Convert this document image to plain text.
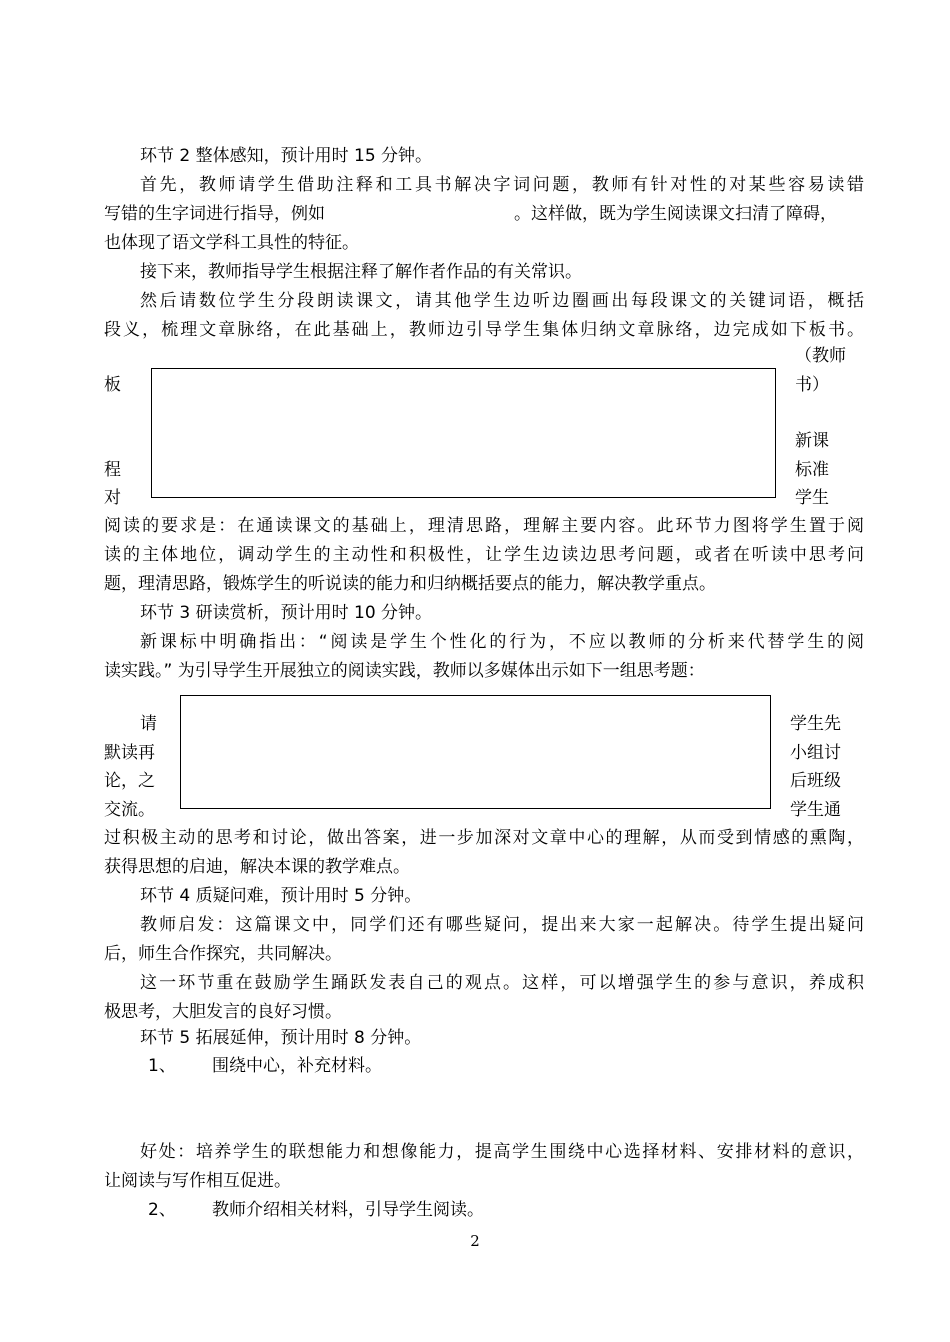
环节 2 整体感知，预计用时 15 分钟。
首先，教师请学生借助注释和工具书解决字词问题，教师有针对性的对某些容易读错
写错的生字词进行指导，例如	。这样做，既为学生阅读课文扫清了障碍，
也体现了语文学科工具性的特征。
接下来，教师指导学生根据注释了解作者作品的有关常识。
然后请数位学生分段朗读课文，请其他学生边听边圈画出每段课文的关键词语，概括
段义，梳理文章脉络，在此基础上，教师边引导学生集体归纳文章脉络，边完成如下板书。
（教师
板	书）
新课
程	标准
对	学生
阅读的要求是：在通读课文的基础上，理清思路，理解主要内容。此环节力图将学生置于阅
读的主体地位，调动学生的主动性和积极性，让学生边读边思考问题，或者在听读中思考问
题，理清思路，锻炼学生的听说读的能力和归纳概括要点的能力，解决教学重点。
环节 3 研读赏析，预计用时 10 分钟。
新课标中明确指出：“阅读是学生个性化的行为，不应以教师的分析来代替学生的阅
读实践。” 为引导学生开展独立的阅读实践，教师以多媒体出示如下一组思考题：
请	学生先
默读再	小组讨
论，之	后班级
交流。	学生通
过积极主动的思考和讨论，做出答案，进一步加深对文章中心的理解，从而受到情感的熏陶，
获得思想的启迪，解决本课的教学难点。
环节 4 质疑问难，预计用时 5 分钟。
教师启发：这篇课文中，同学们还有哪些疑问，提出来大家一起解决。待学生提出疑问
后，师生合作探究，共同解决。
这一环节重在鼓励学生踊跃发表自己的观点。这样，可以增强学生的参与意识，养成积
极思考，大胆发言的良好习惯。
环节 5 拓展延伸，预计用时 8 分钟。
1、 围绕中心，补充材料。
好处：培养学生的联想能力和想像能力，提高学生围绕中心选择材料、安排材料的意识，
让阅读与写作相互促进。
2、 教师介绍相关材料，引导学生阅读。
2
